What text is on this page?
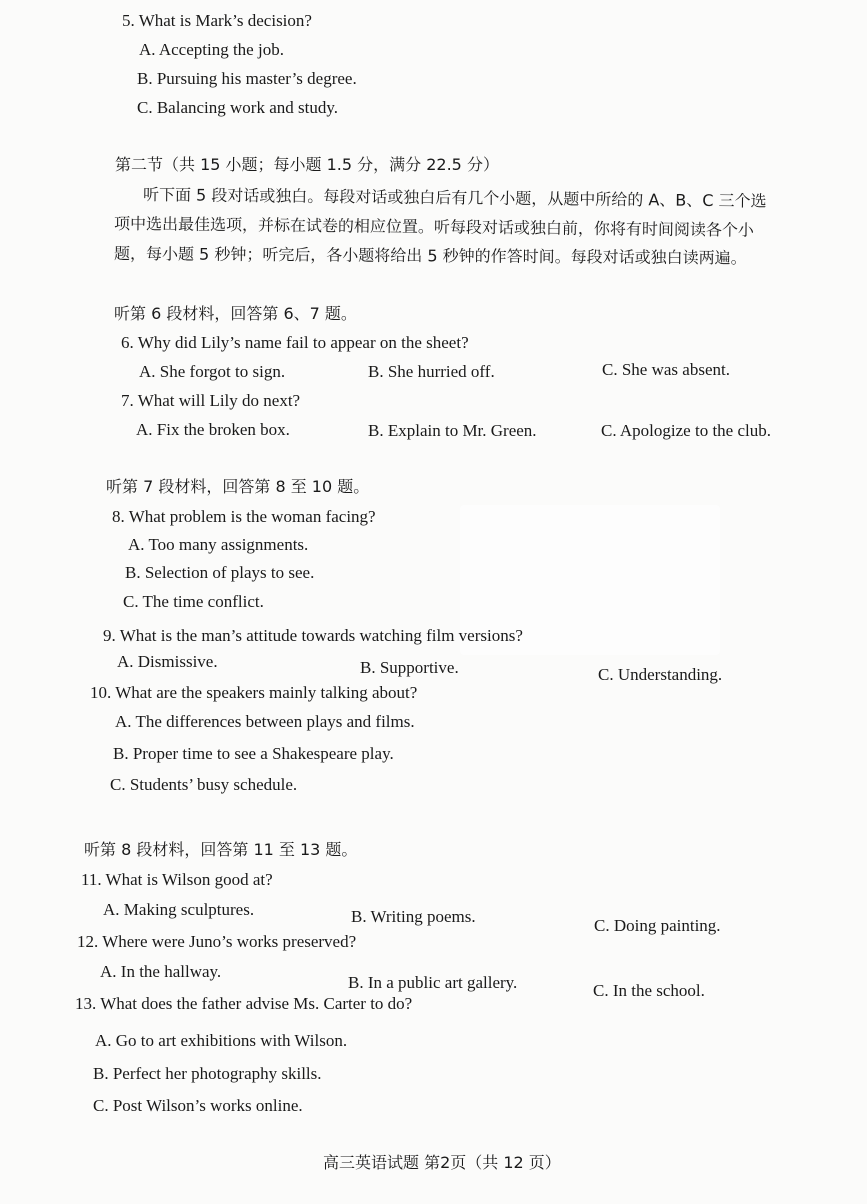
5. What is Mark’s decision?
A. Accepting the job.
B. Pursuing his master’s degree.
C. Balancing work and study.
第二节（共 15 小题；每小题 1.5 分，满分 22.5 分）
听下面 5 段对话或独白。每段对话或独白后有几个小题，从题中所给的 A、B、C 三个选
项中选出最佳选项，并标在试卷的相应位置。听每段对话或独白前，你将有时间阅读各个小
题，每小题 5 秒钟；听完后，各小题将给出 5 秒钟的作答时间。每段对话或独白读两遍。
听第 6 段材料，回答第 6、7 题。
6. Why did Lily’s name fail to appear on the sheet?
A. She forgot to sign.	B. She hurried off.	C. She was absent.
7. What will Lily do next?
A. Fix the broken box.	B. Explain to Mr. Green.	C. Apologize to the club.
听第 7 段材料，回答第 8 至 10 题。
8. What problem is the woman facing?
A. Too many assignments.
B. Selection of plays to see.
C. The time conflict.
9. What is the man’s attitude towards watching film versions?
A. Dismissive.	B. Supportive.	C. Understanding.
10. What are the speakers mainly talking about?
A. The differences between plays and films.
B. Proper time to see a Shakespeare play.
C. Students’ busy schedule.
听第 8 段材料，回答第 11 至 13 题。
11. What is Wilson good at?
A. Making sculptures.	B. Writing poems.	C. Doing painting.
12. Where were Juno’s works preserved?
A. In the hallway.
B. In a public art gallery.	C. In the school.
13. What does the father advise Ms. Carter to do?
A. Go to art exhibitions with Wilson.
B. Perfect her photography skills.
C. Post Wilson’s works online.
高三英语试题 第2页（共 12 页）
